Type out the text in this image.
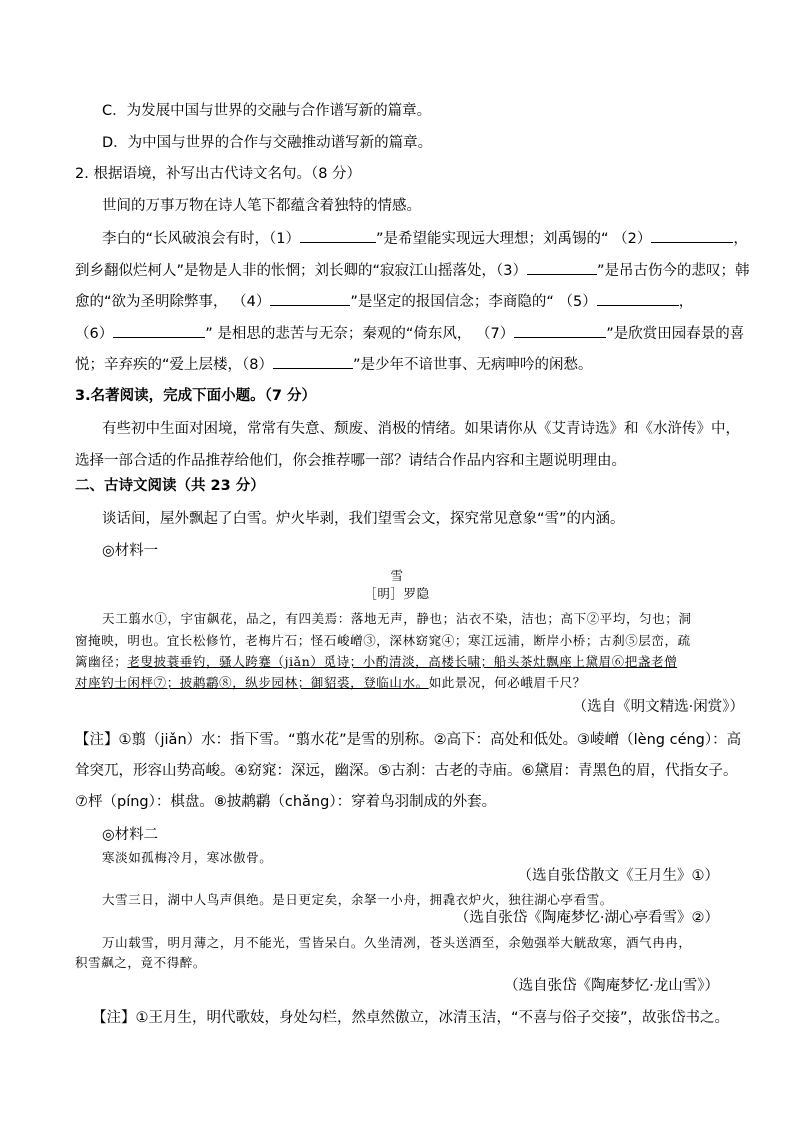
C．为发展中国与世界的交融与合作谱写新的篇章。
D．为中国与世界的合作与交融推动谱写新的篇章。
2. 根据语境，补写出古代诗文名句。（8 分）
世间的万事万物在诗人笔下都蕴含着独特的情感。
李白的“长风破浪会有时，（1）	”是希望能实现远大理想；刘禹锡的“ （2）	，
到乡翻似烂柯人”是物是人非的怅惘；刘长卿的“寂寂江山摇落处，（3）	”是吊古伤今的悲叹；韩
愈的“欲为圣明除弊事， （4）	”是坚定的报国信念；李商隐的“ （5）	，
（6）	” 是相思的悲苦与无奈；秦观的“倚东风， （7）	”是欣赏田园春景的喜
悦；辛弃疾的“爱上层楼，（8）	”是少年不谙世事、无病呻吟的闲愁。
3.名著阅读，完成下面小题。（7 分）
有些初中生面对困境，常常有失意、颓废、消极的情绪。如果请你从《艾青诗选》和《水浒传》中，
选择一部合适的作品推荐给他们，你会推荐哪一部？请结合作品内容和主题说明理由。
二、古诗文阅读（共 23 分）
谈话间，屋外飘起了白雪。炉火毕剥，我们望雪会文，探究常见意象“雪”的内涵。
◎材料一
雪
［明］罗隐
天工翦水①，宇宙飙花，品之，有四美焉：落地无声，静也；沾衣不染，洁也；高下②平均，匀也；洞
窗掩映，明也。宜长松修竹，老梅片石；怪石峻嶒③，深林窈窕④；寒江远浦，断岸小桥；古刹⑤层峦，疏
篱幽径；老叟披蓑垂钓，骚人跨蹇（jiǎn）觅诗；小酌清淡，高楼长啸；船头茶灶飘座上黛眉⑥把盏老僧
对座钓士闲枰⑦；披鹔鹴⑧，纵步园林；御貂裘，登临山水。如此景况，何必峨眉千尺？
（选自《明文精选·闲赏》）
【注】①翦（jiǎn）水：指下雪。“翦水花”是雪的别称。②高下：高处和低处。③崚嶒（lèng céng）：高
耸突兀，形容山势高峻。④窈窕：深远，幽深。⑤古刹：古老的寺庙。⑥黛眉：青黑色的眉，代指女子。
⑦枰（píng）：棋盘。⑧披鹔鹴（chǎng）：穿着鸟羽制成的外套。
◎材料二
寒淡如孤梅冷月，寒冰傲骨。
（选自张岱散文《王月生》①）
大雪三日，湖中人鸟声俱绝。是日更定矣，余拏一小舟，拥毳衣炉火，独往湖心亭看雪。
（选自张岱《陶庵梦忆·湖心亭看雪》②）
万山载雪，明月薄之，月不能光，雪皆呆白。久坐清冽，苍头送酒至，余勉强举大觥敌寒，酒气冉冉，
积雪飙之，竟不得醉。
（选自张岱《陶庵梦忆·龙山雪》）
【注】①王月生，明代歌妓，身处勾栏，然卓然傲立，冰清玉洁，“不喜与俗子交接”，故张岱书之。
